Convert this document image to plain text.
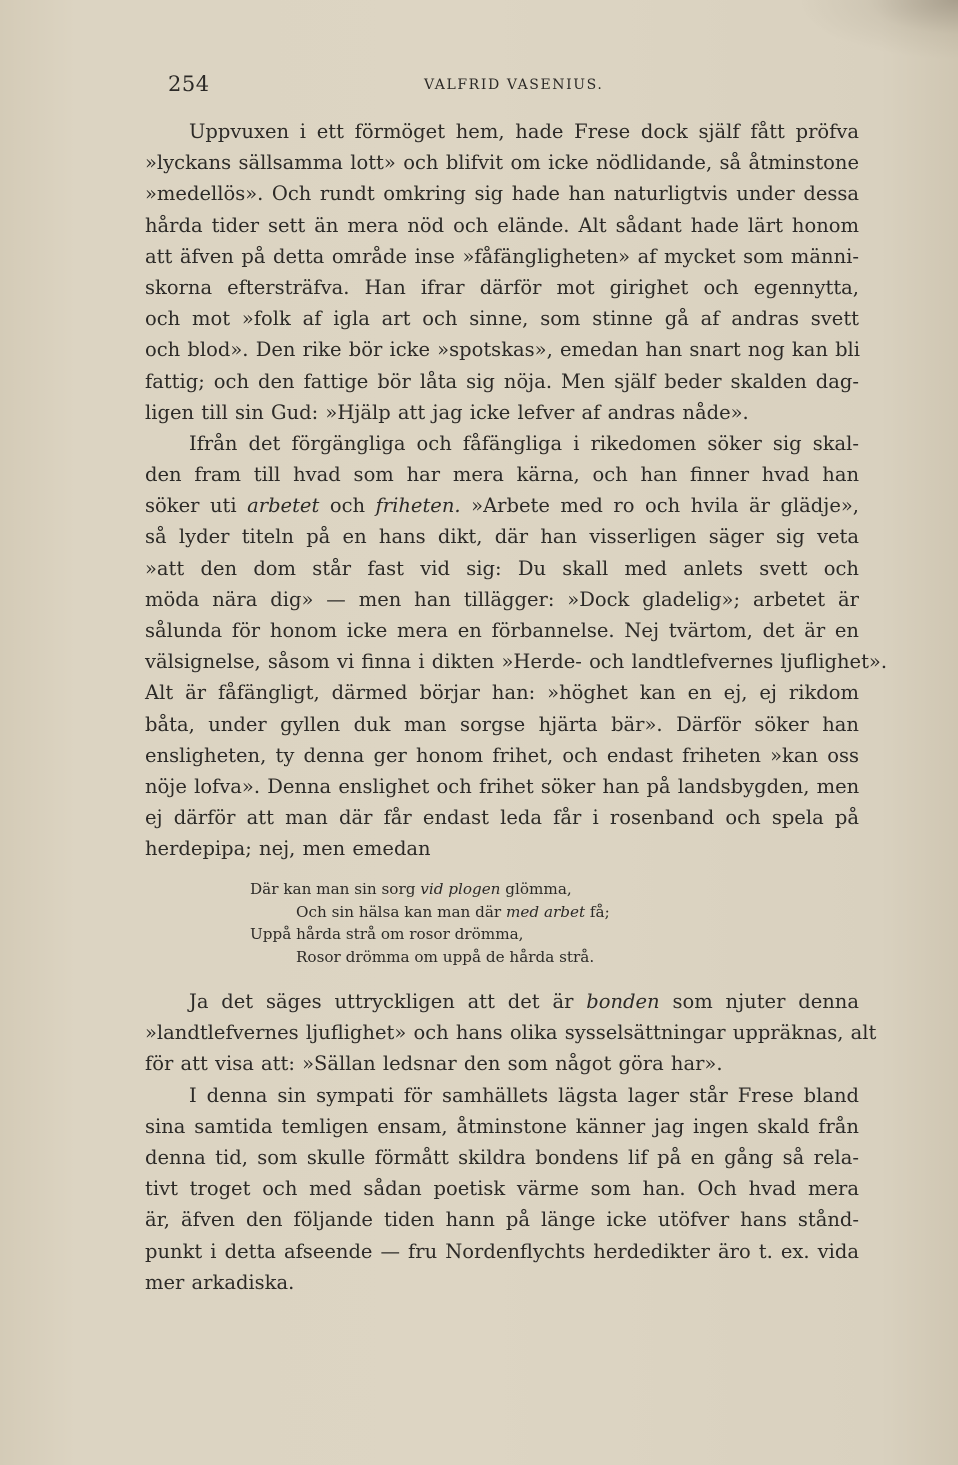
254	VALFRID VASENIUS.
Uppvuxen i ett förmöget hem, hade Frese dock själf fått pröfva
»lyckans sällsamma lott» och blifvit om icke nödlidande, så åtminstone
»medellös». Och rundt omkring sig hade han naturligtvis under dessa
hårda tider sett än mera nöd och elände. Alt sådant hade lärt honom
att äfven på detta område inse »fåfängligheten» af mycket som männi-
skorna eftersträfva. Han ifrar därför mot girighet och egennytta,
och mot »folk af igla art och sinne, som stinne gå af andras svett
och blod». Den rike bör icke »spotskas», emedan han snart nog kan bli
fattig; och den fattige bör låta sig nöja. Men själf beder skalden dag-
ligen till sin Gud: »Hjälp att jag icke lefver af andras nåde».
Ifrån det förgängliga och fåfängliga i rikedomen söker sig skal-
den fram till hvad som har mera kärna, och han finner hvad han
söker uti arbetet och friheten. »Arbete med ro och hvila är glädje»,
så lyder titeln på en hans dikt, där han visserligen säger sig veta
»att den dom står fast vid sig: Du skall med anlets svett och
möda nära dig» — men han tillägger: »Dock gladelig»; arbetet är
sålunda för honom icke mera en förbannelse. Nej tvärtom, det är en
välsignelse, såsom vi finna i dikten »Herde- och landtlefvernes ljuflighet».
Alt är fåfängligt, därmed börjar han: »höghet kan en ej, ej rikdom
båta, under gyllen duk man sorgse hjärta bär». Därför söker han
ensligheten, ty denna ger honom frihet, och endast friheten »kan oss
nöje lofva». Denna enslighet och frihet söker han på landsbygden, men
ej därför att man där får endast leda får i rosenband och spela på
herdepipa; nej, men emedan
Där kan man sin sorg vid plogen glömma,
Och sin hälsa kan man där med arbet få;
Uppå hårda strå om rosor drömma,
Rosor drömma om uppå de hårda strå.
Ja det säges uttryckligen att det är bonden som njuter denna
»landtlefvernes ljuflighet» och hans olika sysselsättningar uppräknas, alt
för att visa att: »Sällan ledsnar den som något göra har».
I denna sin sympati för samhällets lägsta lager står Frese bland
sina samtida temligen ensam, åtminstone känner jag ingen skald från
denna tid, som skulle förmått skildra bondens lif på en gång så rela-
tivt troget och med sådan poetisk värme som han. Och hvad mera
är, äfven den följande tiden hann på länge icke utöfver hans stånd-
punkt i detta afseende — fru Nordenflychts herdedikter äro t. ex. vida
mer arkadiska.
